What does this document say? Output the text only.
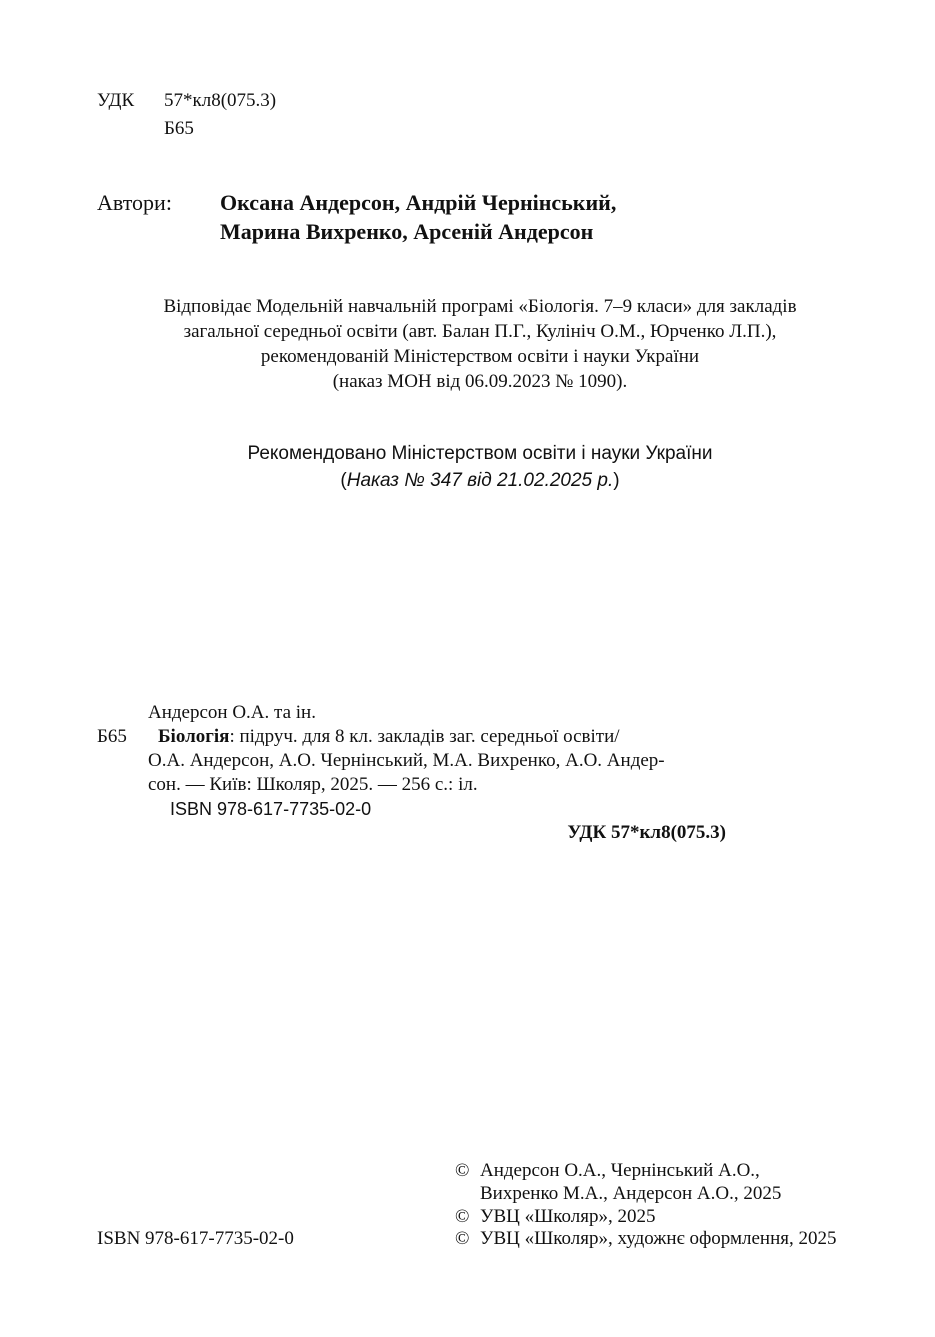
УДК 57*кл8(075.3)
Б65
Автори: Оксана Андерсон, Андрій Чернінський,
Марина Вихренко, Арсеній Андерсон
Відповідає Модельній навчальній програмі «Біологія. 7–9 класи» для закладів
загальної середньої освіти (авт. Балан П.Г., Кулініч О.М., Юрченко Л.П.),
рекомендованій Міністерством освіти і науки України
(наказ МОН від 06.09.2023 № 1090).
Рекомендовано Міністерством освіти і науки України
(Наказ № 347 від 21.02.2025 р.)
Андерсон О.А. та ін.
Б65 Біологія: підруч. для 8 кл. закладів заг. середньої освіти/
О.А. Андерсон, А.О. Чернінський, М.А. Вихренко, А.О. Андер-
сон. — Київ: Школяр, 2025. — 256 с.: іл.
ISBN 978-617-7735-02-0
УДК 57*кл8(075.3)
© Андерсон О.А., Чернінський А.О.,
Вихренко М.А., Андерсон А.О., 2025
© УВЦ «Школяр», 2025
ISBN 978-617-7735-02-0	© УВЦ «Школяр», художнє оформлення, 2025
